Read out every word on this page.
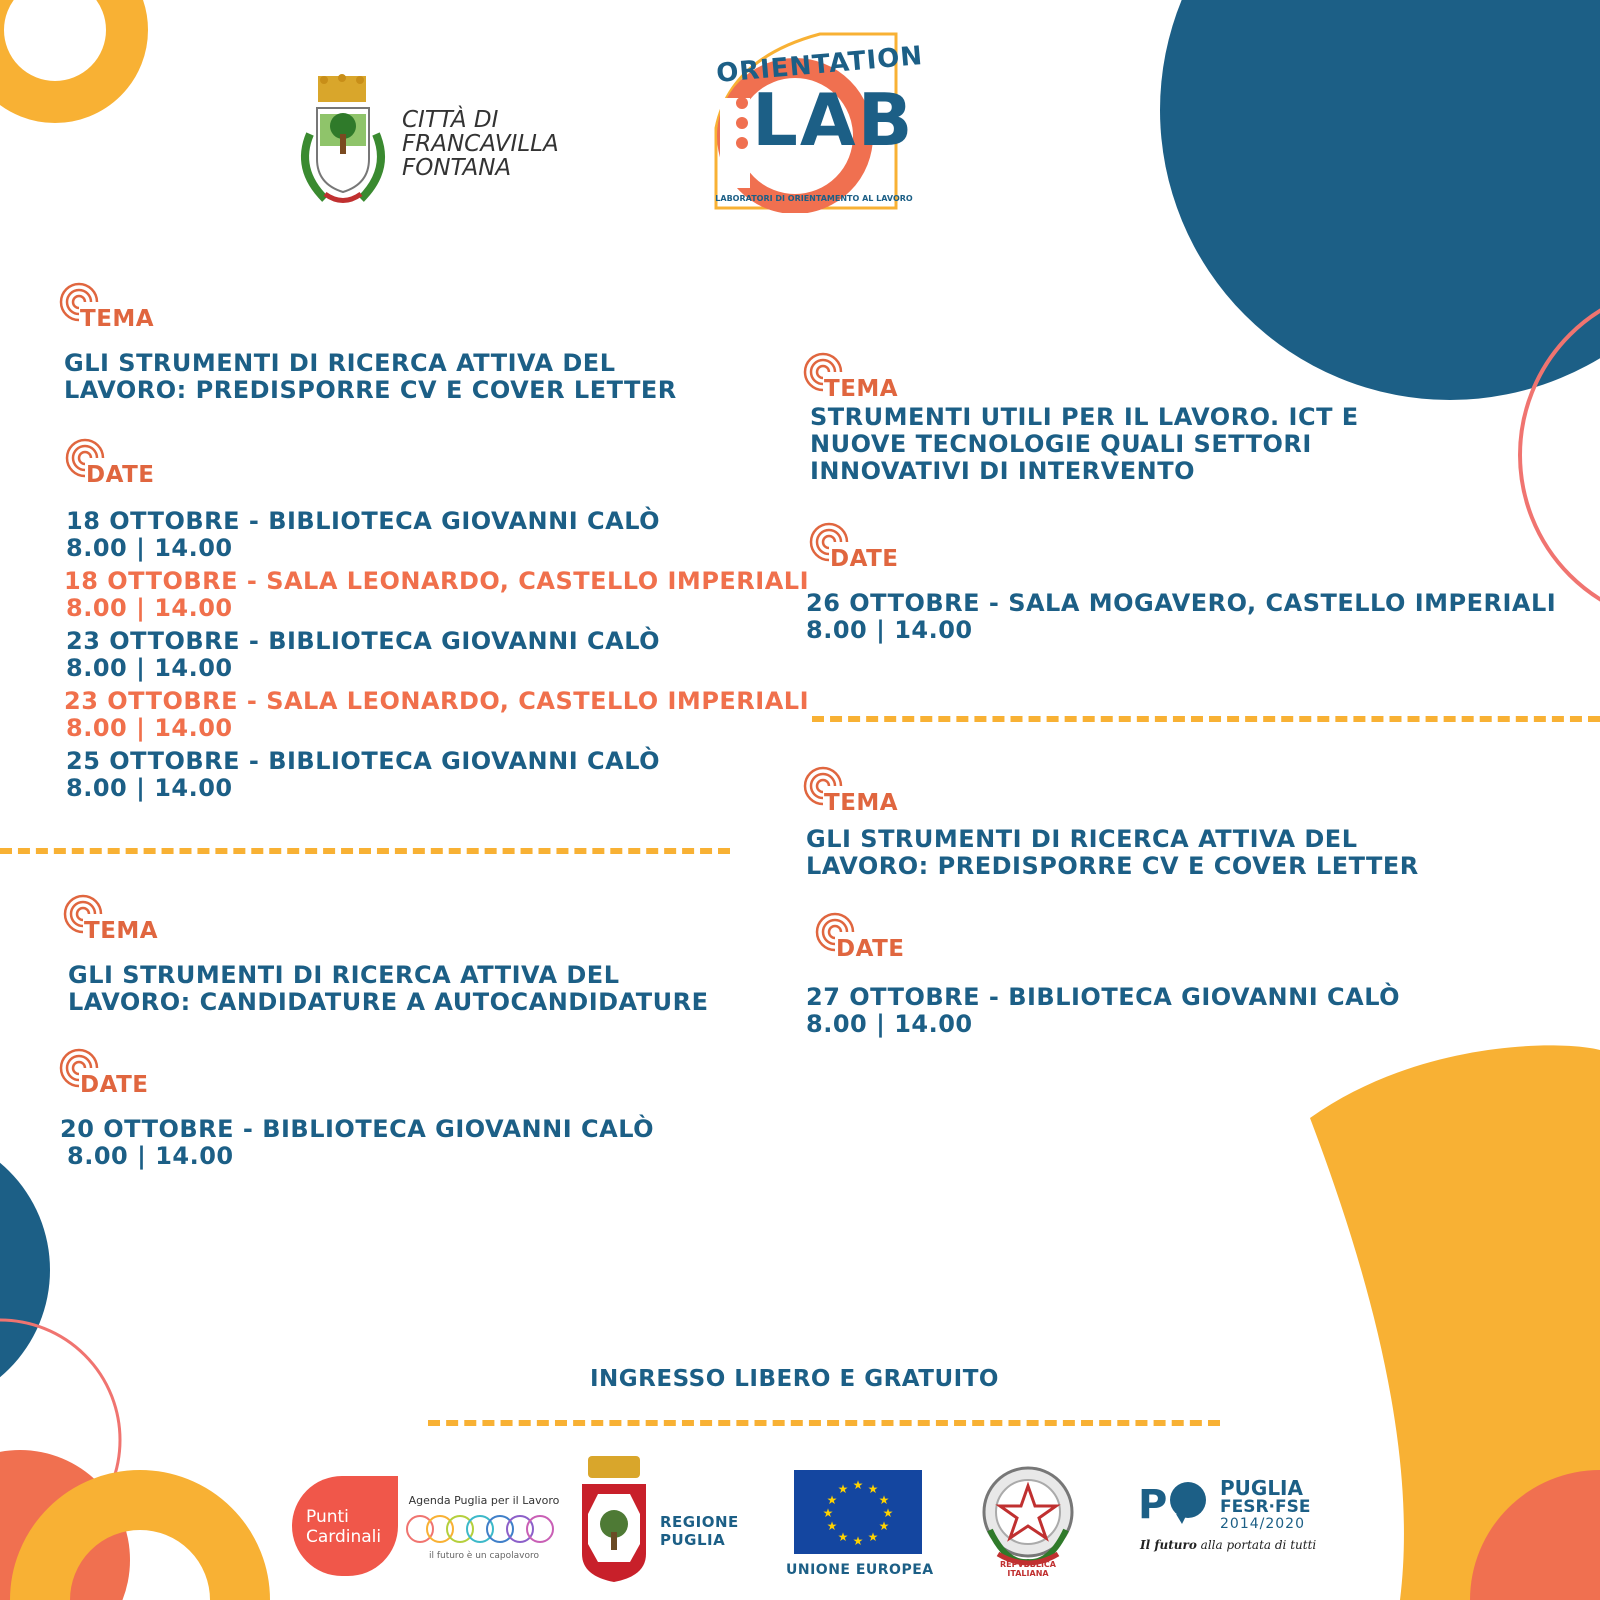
CITTÀ DI
FRANCAVILLA
FONTANA
ORIENTATION
LAB
LABORATORI DI ORIENTAMENTO AL LAVORO
TEMA
GLI STRUMENTI DI RICERCA ATTIVA DEL
LAVORO: PREDISPORRE CV E COVER LETTER
DATE
18 OTTOBRE - BIBLIOTECA GIOVANNI CALÒ
8.00 | 14.00
18 OTTOBRE - SALA LEONARDO, CASTELLO IMPERIALI
8.00 | 14.00
23 OTTOBRE - BIBLIOTECA GIOVANNI CALÒ
8.00 | 14.00
23 OTTOBRE - SALA LEONARDO, CASTELLO IMPERIALI
8.00 | 14.00
25 OTTOBRE - BIBLIOTECA GIOVANNI CALÒ
8.00 | 14.00
TEMA
GLI STRUMENTI DI RICERCA ATTIVA DEL
LAVORO: CANDIDATURE A AUTOCANDIDATURE
DATE
20 OTTOBRE - BIBLIOTECA GIOVANNI CALÒ
8.00 | 14.00
TEMA
STRUMENTI UTILI PER IL LAVORO. ICT E
NUOVE TECNOLOGIE QUALI SETTORI
INNOVATIVI DI INTERVENTO
DATE
26 OTTOBRE - SALA MOGAVERO, CASTELLO IMPERIALI
8.00 | 14.00
TEMA
GLI STRUMENTI DI RICERCA ATTIVA DEL
LAVORO: PREDISPORRE CV E COVER LETTER
DATE
27 OTTOBRE - BIBLIOTECA GIOVANNI CALÒ
8.00 | 14.00
INGRESSO LIBERO E GRATUITO
Punti
Cardinali
Agenda Puglia per il Lavoro
il futuro è un capolavoro
REGIONE
PUGLIA
★ ★
★
★
★
★
★
★
★
★
★
★
UNIONE EUROPEA	REPVBBLICA ITALIANA
P	PUGLIA
FESR·FSE
2014/2020
Il futuro alla portata di tutti
